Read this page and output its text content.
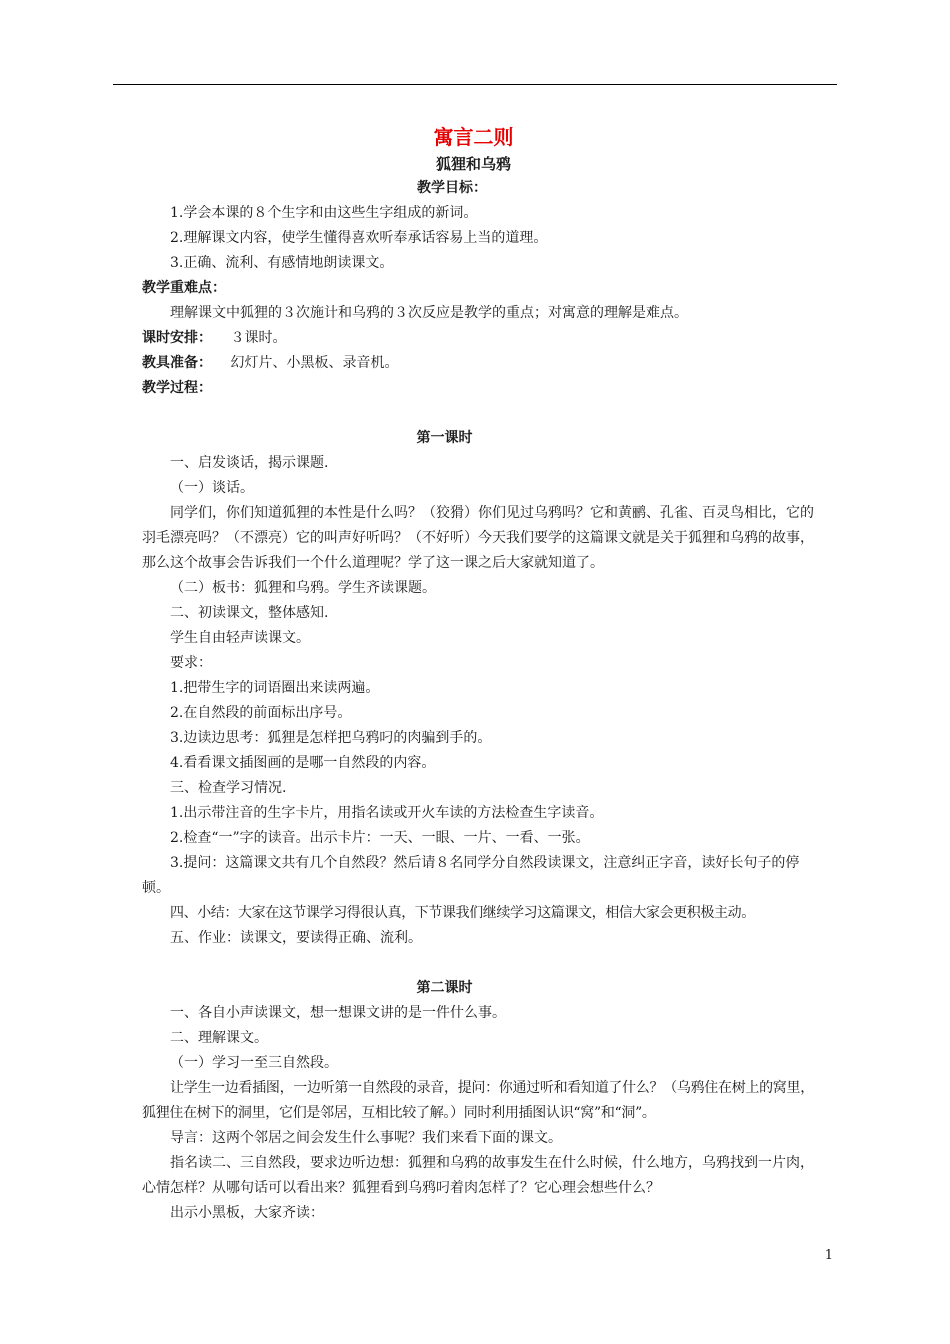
寓言二则
狐狸和乌鸦
教学目标：
1.学会本课的８个生字和由这些生字组成的新词。
2.理解课文内容，使学生懂得喜欢听奉承话容易上当的道理。
3.正确、流利、有感情地朗读课文。
教学重难点：
理解课文中狐狸的３次施计和乌鸦的３次反应是教学的重点；对寓意的理解是难点。
课时安排： ３课时。
教具准备： 幻灯片、小黑板、录音机。
教学过程：
第一课时
一、启发谈话，揭示课题.
（一）谈话。
同学们，你们知道狐狸的本性是什么吗？（狡猾）你们见过乌鸦吗？它和黄鹂、孔雀、百灵鸟相比，它的羽毛漂亮吗？（不漂亮）它的叫声好听吗？（不好听）今天我们要学的这篇课文就是关于狐狸和乌鸦的故事，那么这个故事会告诉我们一个什么道理呢？学了这一课之后大家就知道了。
（二）板书：狐狸和乌鸦。学生齐读课题。
二、初读课文，整体感知.
学生自由轻声读课文。
要求：
1.把带生字的词语圈出来读两遍。
2.在自然段的前面标出序号。
3.边读边思考：狐狸是怎样把乌鸦叼的肉骗到手的。
4.看看课文插图画的是哪一自然段的内容。
三、检查学习情况.
1.出示带注音的生字卡片，用指名读或开火车读的方法检查生字读音。
2.检查“一”字的读音。出示卡片：一天、一眼、一片、一看、一张。
3.提问：这篇课文共有几个自然段？然后请８名同学分自然段读课文，注意纠正字音，读好长句子的停顿。
四、小结：大家在这节课学习得很认真，下节课我们继续学习这篇课文，相信大家会更积极主动。
五、作业：读课文，要读得正确、流利。
第二课时
一、各自小声读课文，想一想课文讲的是一件什么事。
二、理解课文。
（一）学习一至三自然段。
让学生一边看插图，一边听第一自然段的录音，提问：你通过听和看知道了什么？（乌鸦住在树上的窝里，狐狸住在树下的洞里，它们是邻居，互相比较了解。）同时利用插图认识“窝”和“洞”。
导言：这两个邻居之间会发生什么事呢？我们来看下面的课文。
指名读二、三自然段，要求边听边想：狐狸和乌鸦的故事发生在什么时候，什么地方，乌鸦找到一片肉，心情怎样？从哪句话可以看出来？狐狸看到乌鸦叼着肉怎样了？它心理会想些什么？
出示小黑板，大家齐读：
1
